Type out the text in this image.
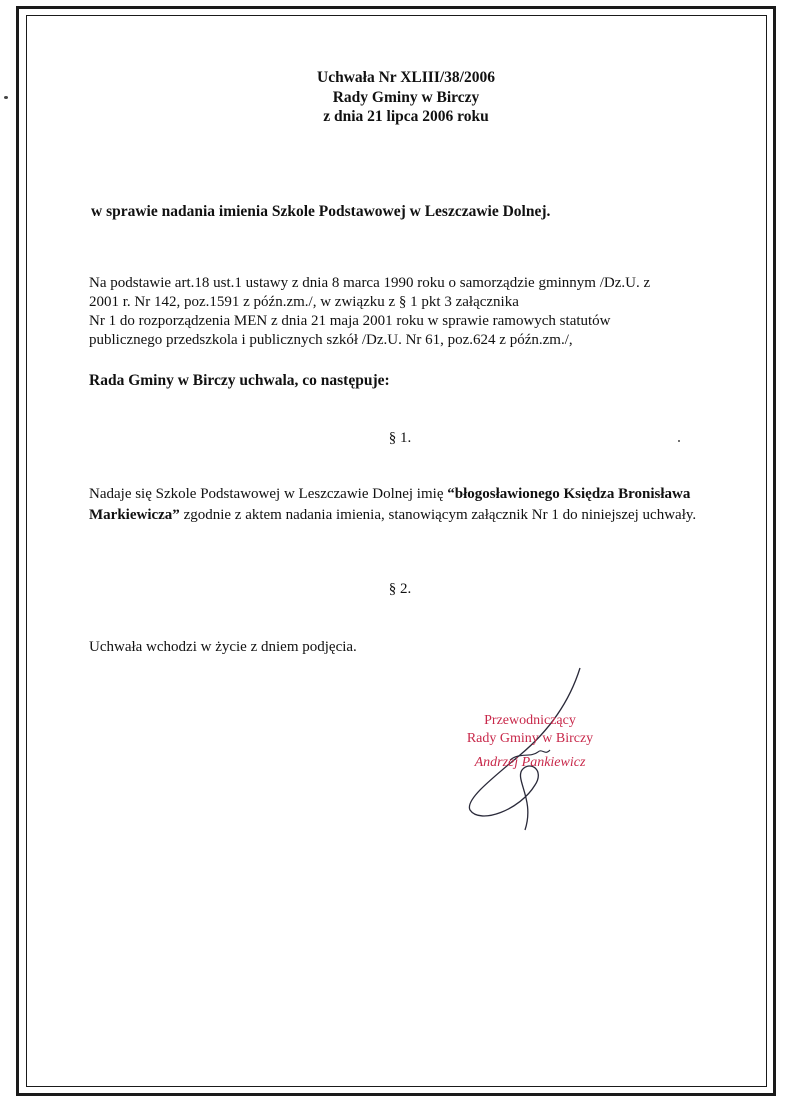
Uchwała Nr XLIII/38/2006
Rady Gminy w Birczy
z dnia 21 lipca 2006 roku
w sprawie nadania imienia Szkole Podstawowej w Leszczawie Dolnej.
Na podstawie art.18 ust.1 ustawy z dnia 8 marca 1990 roku o samorządzie gminnym /Dz.U. z
2001 r. Nr 142, poz.1591 z późn.zm./, w związku z § 1 pkt 3 załącznika
Nr 1 do rozporządzenia MEN z dnia 21 maja 2001 roku w sprawie ramowych statutów
publicznego przedszkola i publicznych szkół /Dz.U. Nr 61, poz.624 z późn.zm./,
Rada Gminy w Birczy uchwala, co następuje:
§ 1.
Nadaje się Szkole Podstawowej w Leszczawie Dolnej imię “błogosławionego Księdza Bronisława Markiewicza” zgodnie z aktem nadania imienia, stanowiącym załącznik Nr 1 do niniejszej uchwały.
§ 2.
Uchwała wchodzi w życie z dniem podjęcia.
Przewodniczący
Rady Gminy w Birczy
Andrzej Pankiewicz
